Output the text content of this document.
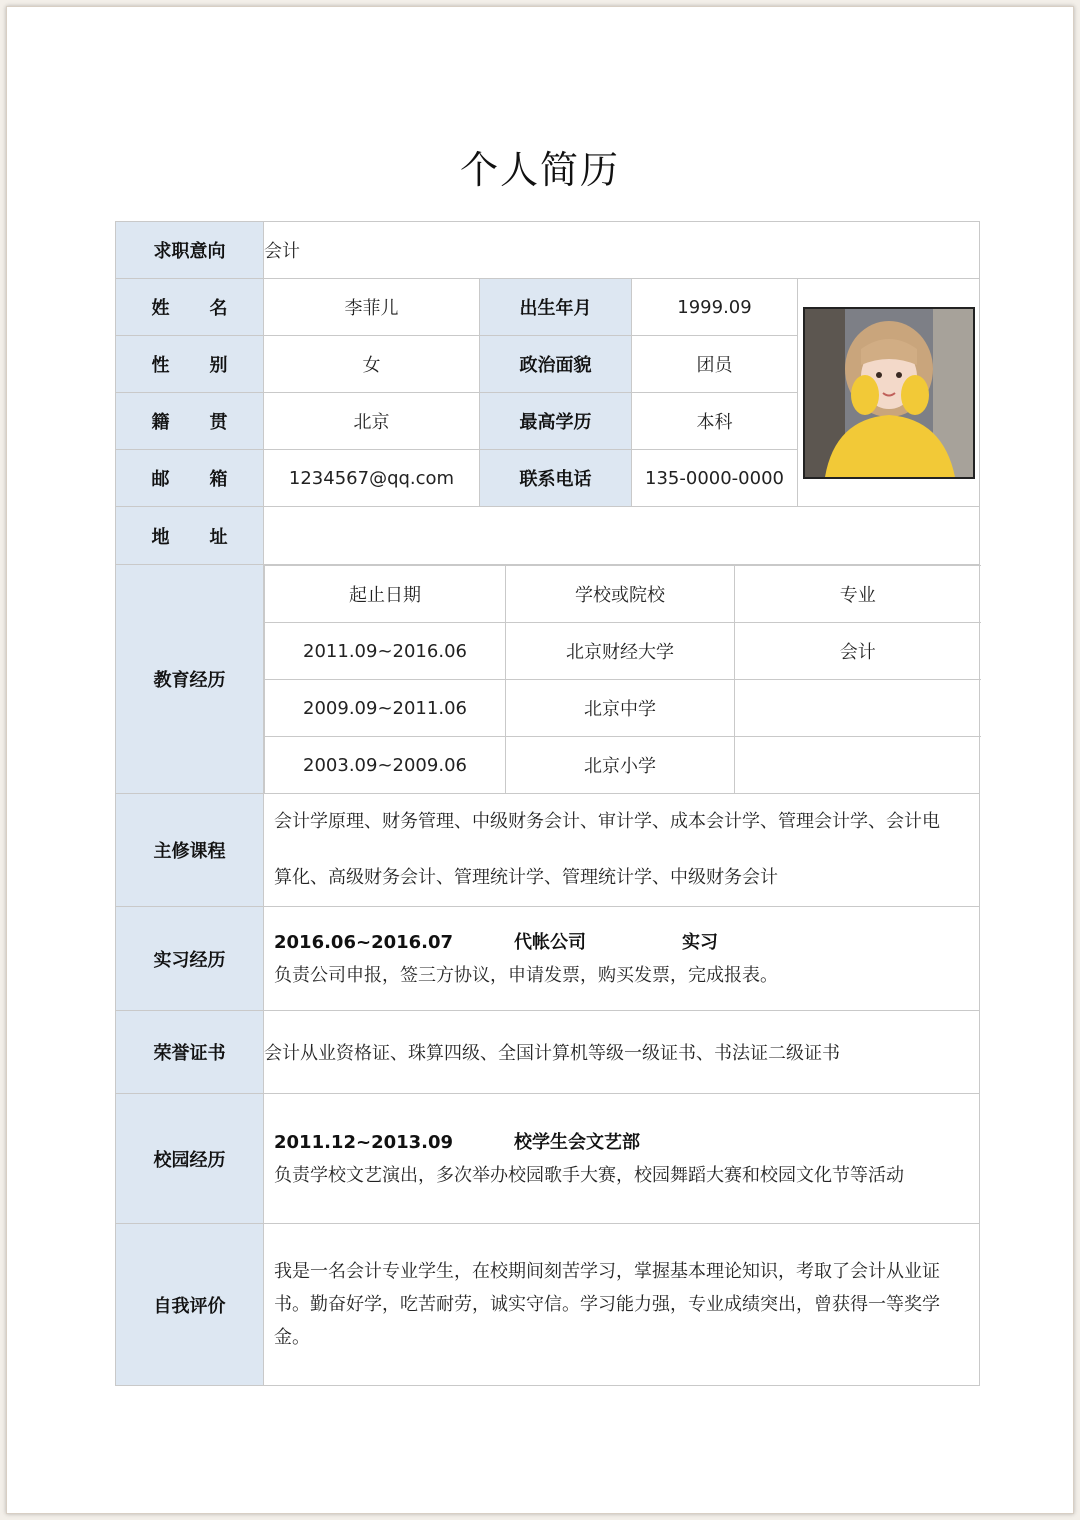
个人简历
求职意向	会计
姓 名	李菲儿	出生年月	1999.09	

性 别	女	政治面貌	团员
籍 贯	北京	最高学历	本科
邮 箱	1234567@qq.com	联系电话	135-0000-0000
地 址	
教育经历	
起止日期	学校或院校	专业
2011.09~2016.06	北京财经大学	会计
2009.09~2011.06	北京中学	
2003.09~2009.06	北京小学	

主修课程	
会计学原理、财务管理、中级财务会计、审计学、成本会计学、管理会计学、会计电
算化、高级财务会计、管理统计学、管理统计学、中级财务会计

实习经历	
2016.06~2016.07	代帐公司	实习
负责公司申报，签三方协议，申请发票，购买发票，完成报表。

荣誉证书	会计从业资格证、珠算四级、全国计算机等级一级证书、书法证二级证书
校园经历	
2011.12~2013.09	校学生会文艺部
负责学校文艺演出，多次举办校园歌手大赛，校园舞蹈大赛和校园文化节等活动

自我评价	
我是一名会计专业学生，在校期间刻苦学习，掌握基本理论知识，考取了会计从业证
书。勤奋好学，吃苦耐劳，诚实守信。学习能力强，专业成绩突出，曾获得一等奖学
金。
